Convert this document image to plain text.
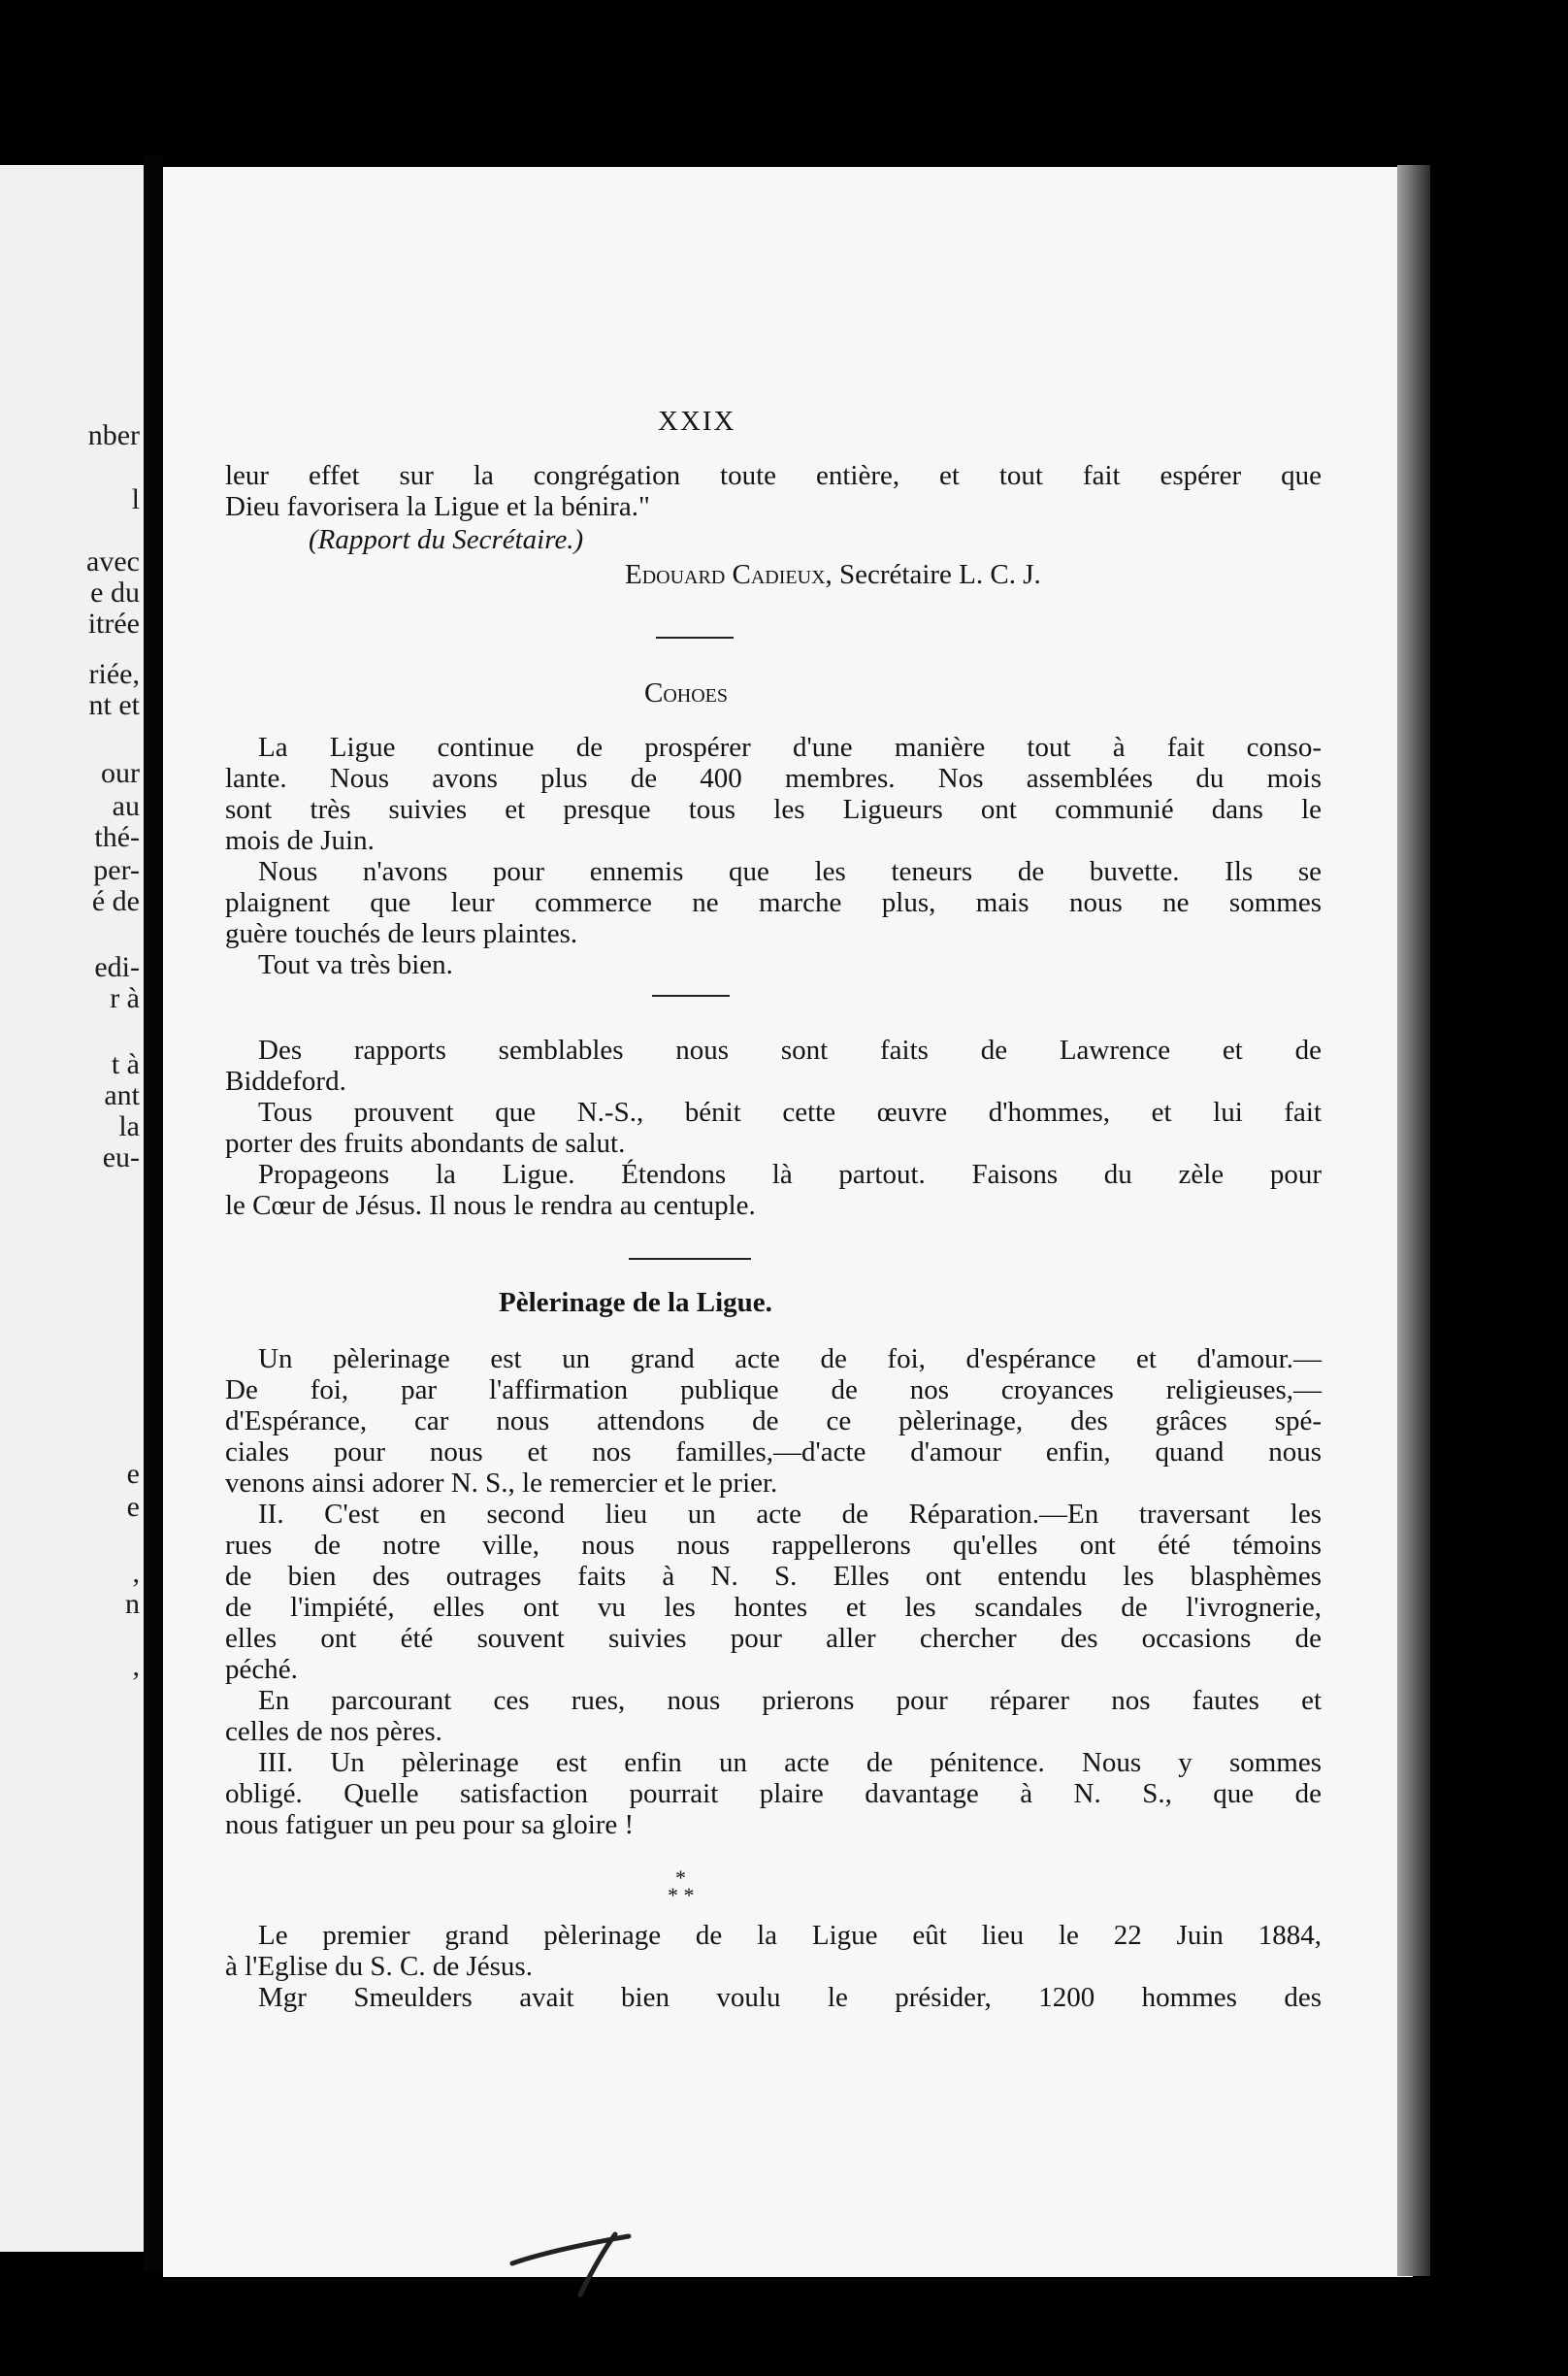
nber
l
avec
e du
itrée
riée,
nt et
our
au
thé-
per-
é de
edi-
r à
t à
ant
la
eu-
e
e
,
n
,
XXIX
leur effet sur la congrégation toute entière, et tout fait espérer que
Dieu favorisera la Ligue et la bénira."
(Rapport du Secrétaire.)
Edouard Cadieux, Secrétaire L. C. J.
Cohoes
La Ligue continue de prospérer d'une manière tout à fait conso-
lante. Nous avons plus de 400 membres. Nos assemblées du mois
sont très suivies et presque tous les Ligueurs ont communié dans le
mois de Juin.
Nous n'avons pour ennemis que les teneurs de buvette. Ils se
plaignent que leur commerce ne marche plus, mais nous ne sommes
guère touchés de leurs plaintes.
Tout va très bien.
Des rapports semblables nous sont faits de Lawrence et de
Biddeford.
Tous prouvent que N.-S., bénit cette œuvre d'hommes, et lui fait
porter des fruits abondants de salut.
Propageons la Ligue. Étendons là partout. Faisons du zèle pour
le Cœur de Jésus. Il nous le rendra au centuple.
Pèlerinage de la Ligue.
Un pèlerinage est un grand acte de foi, d'espérance et d'amour.—
De foi, par l'affirmation publique de nos croyances religieuses,—
d'Espérance, car nous attendons de ce pèlerinage, des grâces spé-
ciales pour nous et nos familles,—d'acte d'amour enfin, quand nous
venons ainsi adorer N. S., le remercier et le prier.
II. C'est en second lieu un acte de Réparation.—En traversant les
rues de notre ville, nous nous rappellerons qu'elles ont été témoins
de bien des outrages faits à N. S. Elles ont entendu les blasphèmes
de l'impiété, elles ont vu les hontes et les scandales de l'ivrognerie,
elles ont été souvent suivies pour aller chercher des occasions de
péché.
En parcourant ces rues, nous prierons pour réparer nos fautes et
celles de nos pères.
III. Un pèlerinage est enfin un acte de pénitence. Nous y sommes
obligé. Quelle satisfaction pourrait plaire davantage à N. S., que de
nous fatiguer un peu pour sa gloire !
*
* *
Le premier grand pèlerinage de la Ligue eût lieu le 22 Juin 1884,
à l'Eglise du S. C. de Jésus.
Mgr Smeulders avait bien voulu le présider, 1200 hommes des
